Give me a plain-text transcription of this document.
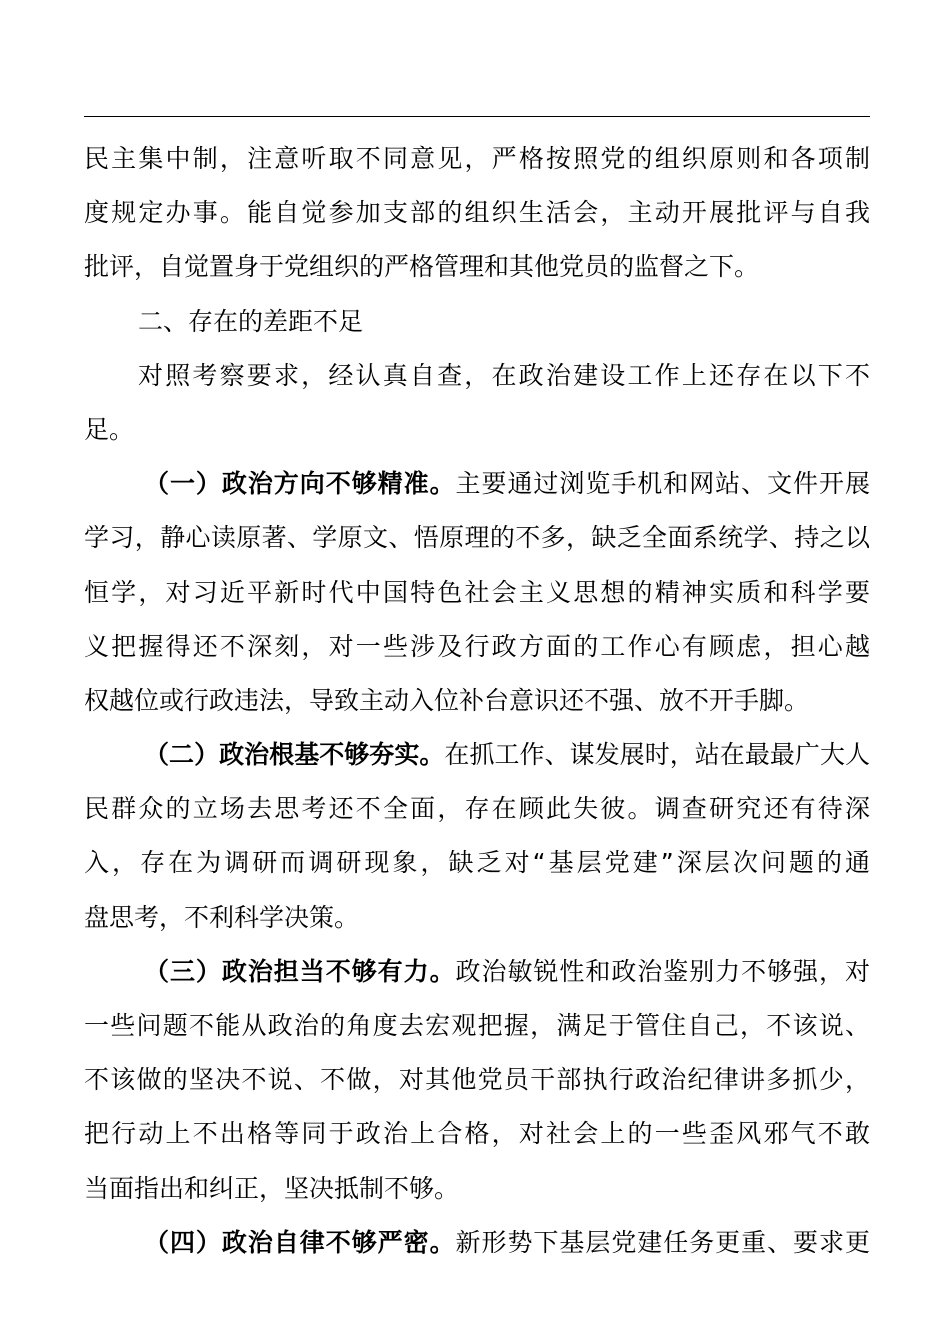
民主集中制，注意听取不同意见，严格按照党的组织原则和各项制
度规定办事。能自觉参加支部的组织生活会，主动开展批评与自我
批评，自觉置身于党组织的严格管理和其他党员的监督之下。
二、存在的差距不足
对照考察要求，经认真自查，在政治建设工作上还存在以下不
足。
（一）政治方向不够精准。主要通过浏览手机和网站、文件开展
学习，静心读原著、学原文、悟原理的不多，缺乏全面系统学、持之以
恒学，对习近平新时代中国特色社会主义思想的精神实质和科学要
义把握得还不深刻，对一些涉及行政方面的工作心有顾虑，担心越
权越位或行政违法，导致主动入位补台意识还不强、放不开手脚。
（二）政治根基不够夯实。在抓工作、谋发展时，站在最最广大人
民群众的立场去思考还不全面，存在顾此失彼。调查研究还有待深
入，存在为调研而调研现象，缺乏对“基层党建”深层次问题的通
盘思考，不利科学决策。
（三）政治担当不够有力。政治敏锐性和政治鉴别力不够强，对
一些问题不能从政治的角度去宏观把握，满足于管住自己，不该说、
不该做的坚决不说、不做，对其他党员干部执行政治纪律讲多抓少，
把行动上不出格等同于政治上合格，对社会上的一些歪风邪气不敢
当面指出和纠正，坚决抵制不够。
（四）政治自律不够严密。新形势下基层党建任务更重、要求更
